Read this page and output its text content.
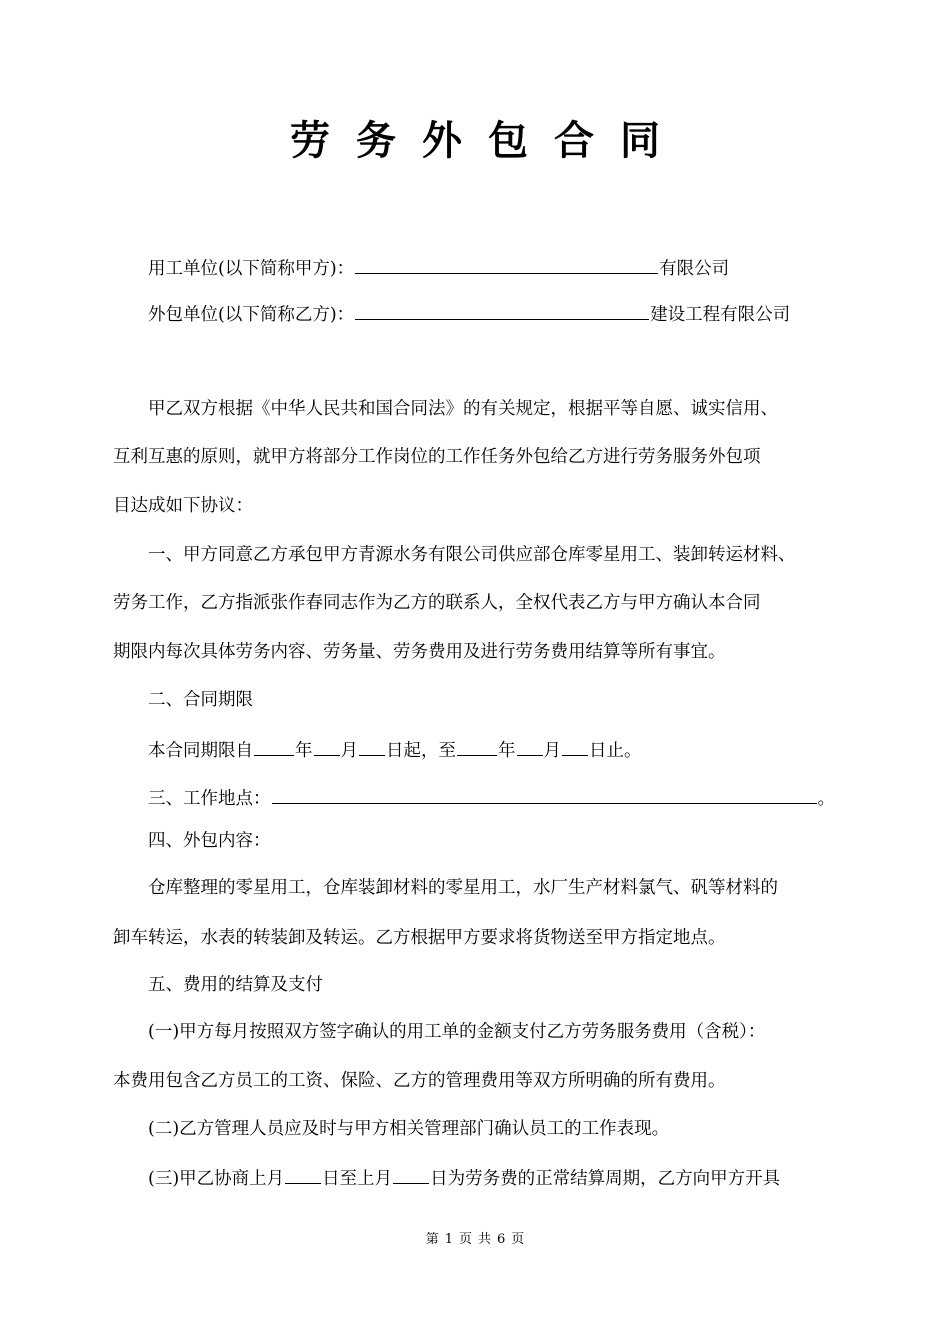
劳务外包合同
用工单位(以下简称甲方)：	有限公司
外包单位(以下简称乙方)：	建设工程有限公司
甲乙双方根据《中华人民共和国合同法》的有关规定，根据平等自愿、诚实信用、
互利互惠的原则，就甲方将部分工作岗位的工作任务外包给乙方进行劳务服务外包项
目达成如下协议：
一、甲方同意乙方承包甲方青源水务有限公司供应部仓库零星用工、装卸转运材料、
劳务工作，乙方指派张作春同志作为乙方的联系人，全权代表乙方与甲方确认本合同
期限内每次具体劳务内容、劳务量、劳务费用及进行劳务费用结算等所有事宜。
二、合同期限
本合同期限自 年 月 日起，至 年 月 日止。
三、工作地点：	。
四、外包内容：
仓库整理的零星用工，仓库装卸材料的零星用工，水厂生产材料氯气、矾等材料的
卸车转运，水表的转装卸及转运。乙方根据甲方要求将货物送至甲方指定地点。
五、费用的结算及支付
(一)甲方每月按照双方签字确认的用工单的金额支付乙方劳务服务费用（含税）：
本费用包含乙方员工的工资、保险、乙方的管理费用等双方所明确的所有费用。
(二)乙方管理人员应及时与甲方相关管理部门确认员工的工作表现。
(三)甲乙协商上月 日至上月 日为劳务费的正常结算周期，乙方向甲方开具
第 1 页 共 6 页
